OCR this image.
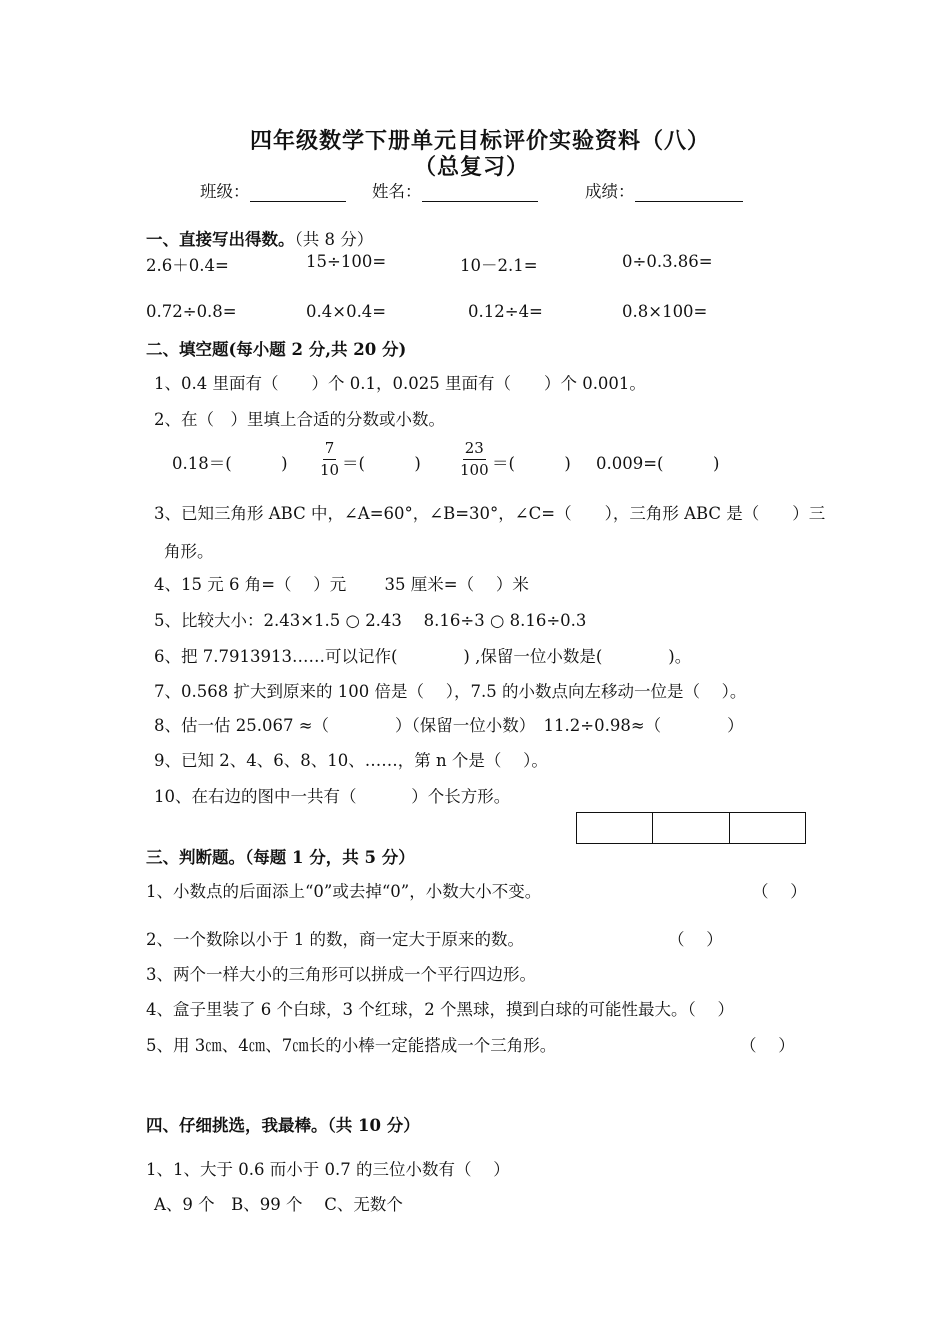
四年级数学下册单元目标评价实验资料（八）
（总复习）
班级：	姓名：	成绩：
一、直接写出得数。（共 8 分）
2.6＋0.4=	15÷100=	10－2.1=	0÷0.3.86=
0.72÷0.8=	0.4×0.4=	0.12÷4=	0.8×100=
二、填空题(每小题 2 分,共 20 分)
1、0.4 里面有（　　）个 0.1，0.025 里面有（　　）个 0.001。
2、在（　）里填上合适的分数或小数。
0.18＝(　　　) $\frac{7}{10}$ ＝(　　　) $\frac{23}{100}$ ＝(　　　) 0.009=(　　　)
3、已知三角形 ABC 中，∠A=60°，∠B=30°，∠C=（　　），三角形 ABC 是（　　）三
角形。
4、15 元 6 角=（　 ）元　　 35 厘米=（　 ）米
5、比较大小：2.43×1.5 ○ 2.43　 8.16÷3 ○ 8.16÷0.3
6、把 7.7913913……可以记作(　　　　) ,保留一位小数是(　　　　)。
7、0.568 扩大到原来的 100 倍是（　 ），7.5 的小数点向左移动一位是（　 ）。
8、估一估 25.067 ≈（　　　　）（保留一位小数）　11.2÷0.98≈（　　　　）
9、已知 2、4、6、8、10、……，第 n 个是（　 ）。
10、在右边的图中一共有（　　　 ）个长方形。
三、判断题。（每题 1 分，共 5 分）
1、小数点的后面添上“0”或去掉“0”，小数大小不变。	（　 ）
2、一个数除以小于 1 的数，商一定大于原来的数。	（　 ）
3、两个一样大小的三角形可以拼成一个平行四边形。
4、盒子里装了 6 个白球，3 个红球，2 个黑球，摸到白球的可能性最大。（　 ）
5、用 3㎝、4㎝、7㎝长的小棒一定能搭成一个三角形。	（　 ）
四、仔细挑选，我最棒。（共 10 分）
1、1、大于 0.6 而小于 0.7 的三位小数有（　 ）
A、9 个　B、99 个　 C、无数个
